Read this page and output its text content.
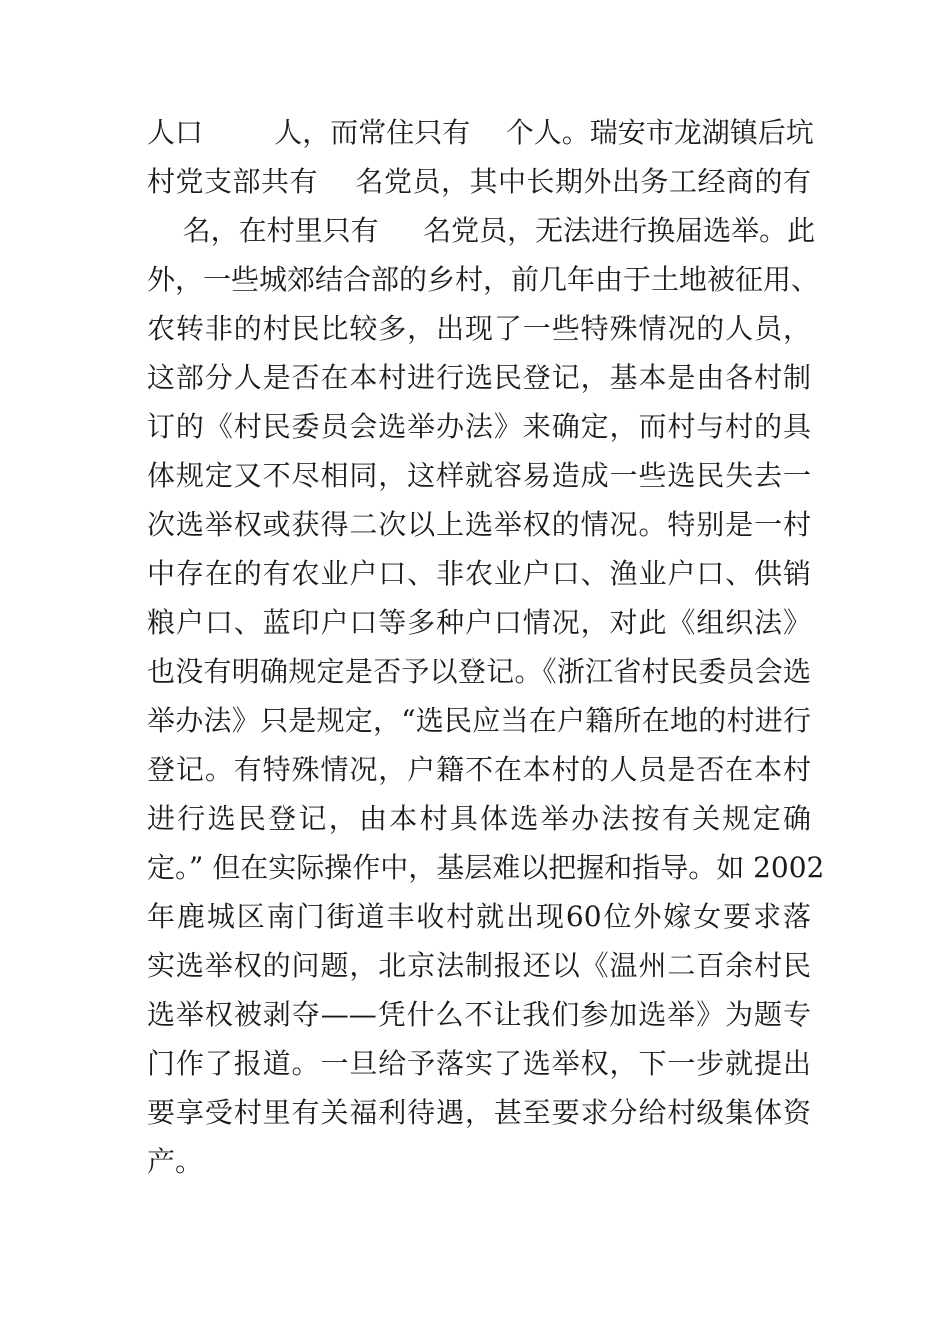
人口        人，而常住只有    个人。瑞安市龙湖镇后坑
村党支部共有    名党员，其中长期外出务工经商的有
名，在村里只有     名党员，无法进行换届选举。此
外，一些城郊结合部的乡村，前几年由于土地被征用、
农转非的村民比较多，出现了一些特殊情况的人员，
这部分人是否在本村进行选民登记，基本是由各村制
订的《村民委员会选举办法》来确定，而村与村的具
体规定又不尽相同，这样就容易造成一些选民失去一
次选举权或获得二次以上选举权的情况。特别是一村
中存在的有农业户口、非农业户口、渔业户口、供销
粮户口、蓝印户口等多种户口情况，对此《组织法》
也没有明确规定是否予以登记。《浙江省村民委员会选
举办法》只是规定，“选民应当在户籍所在地的村进行
登记。有特殊情况，户籍不在本村的人员是否在本村
进行选民登记，由本村具体选举办法按有关规定确
定。” 但在实际操作中，基层难以把握和指导。如 2002
年鹿城区南门街道丰收村就出现60位外嫁女要求落
实选举权的问题，北京法制报还以《温州二百余村民
选举权被剥夺——凭什么不让我们参加选举》为题专
门作了报道。一旦给予落实了选举权，下一步就提出
要享受村里有关福利待遇，甚至要求分给村级集体资
产。
